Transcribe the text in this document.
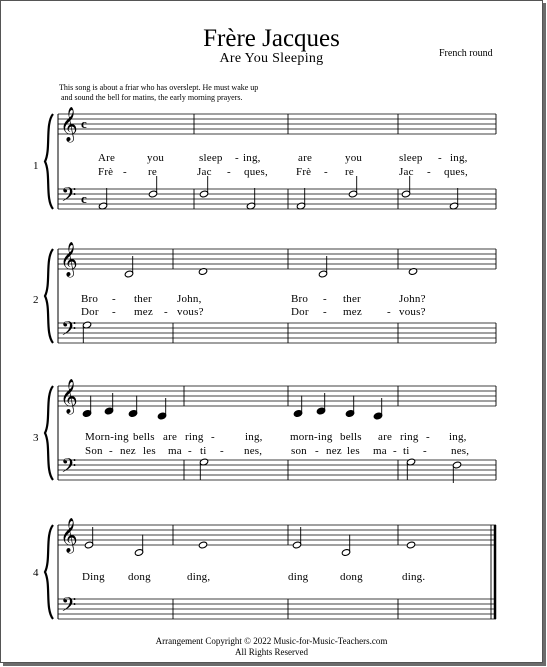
Frère Jacques
Are You Sleeping	French round
This song is about a friar who has overslept. He must wake up
and sound the bell for matins, the early morning prayers.
𝄞
𝄢
𝄞
𝄢
𝄞
𝄢
𝄞
𝄢
c
c
1
2
3
4
Are	you	sleep - ing,	are	you	sleep - ing,
Frè - re	Jac - ques,	Frè - re	Jac - ques,
Bro - ther John,	Bro - ther	John?
Dor - mez - vous?	Dor - mez - vous?
Morn-ing bells are ring -	ing, morn-ing bells are ring - ing,
Son - nez les ma - ti - nes,	son - nez les ma - ti - nes,
Ding dong	ding,	ding	dong	ding.
Arrangement Copyright © 2022 Music-for-Music-Teachers.com
All Rights Reserved
